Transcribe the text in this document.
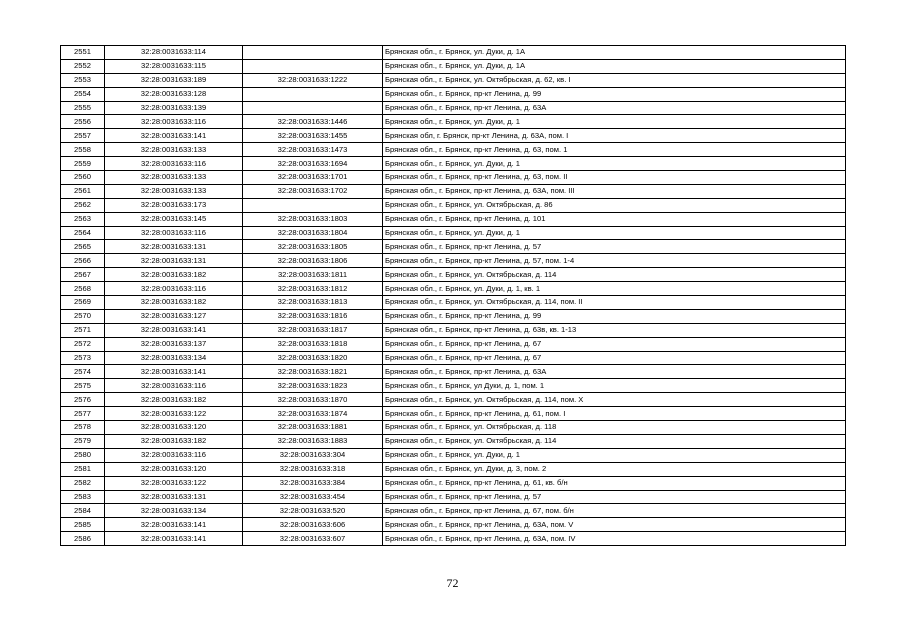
2551	32:28:0031633:114		Брянская обл., г. Брянск, ул. Дуки, д. 1А
2552	32:28:0031633:115		Брянская обл., г. Брянск, ул. Дуки, д. 1А
2553	32:28:0031633:189	32:28:0031633:1222	Брянская обл., г. Брянск, ул. Октябрьская, д. 62, кв. I
2554	32:28:0031633:128		Брянская обл., г. Брянск, пр-кт Ленина, д. 99
2555	32:28:0031633:139		Брянская обл., г. Брянск, пр-кт Ленина, д. 63А
2556	32:28:0031633:116	32:28:0031633:1446	Брянская обл., г. Брянск, ул. Дуки, д. 1
2557	32:28:0031633:141	32:28:0031633:1455	Брянская обл, г. Брянск, пр-кт Ленина, д. 63А, пом. I
2558	32:28:0031633:133	32:28:0031633:1473	Брянская обл., г. Брянск, пр-кт Ленина, д. 63, пом. 1
2559	32:28:0031633:116	32:28:0031633:1694	Брянская обл., г. Брянск, ул. Дуки, д. 1
2560	32:28:0031633:133	32:28:0031633:1701	Брянская обл., г. Брянск, пр-кт Ленина, д. 63, пом. II
2561	32:28:0031633:133	32:28:0031633:1702	Брянская обл., г. Брянск, пр-кт Ленина, д. 63А, пом. III
2562	32:28:0031633:173		Брянская обл., г. Брянск, ул. Октябрьская, д. 86
2563	32:28:0031633:145	32:28:0031633:1803	Брянская обл., г. Брянск, пр-кт Ленина, д. 101
2564	32:28:0031633:116	32:28:0031633:1804	Брянская обл., г. Брянск, ул. Дуки, д. 1
2565	32:28:0031633:131	32:28:0031633:1805	Брянская обл., г. Брянск, пр-кт Ленина, д. 57
2566	32:28:0031633:131	32:28:0031633:1806	Брянская обл., г. Брянск, пр-кт Ленина, д. 57, пом. 1-4
2567	32:28:0031633:182	32:28:0031633:1811	Брянская обл., г. Брянск, ул. Октябрьская, д. 114
2568	32:28:0031633:116	32:28:0031633:1812	Брянская обл., г. Брянск, ул. Дуки, д. 1, кв. 1
2569	32:28:0031633:182	32:28:0031633:1813	Брянская обл., г. Брянск, ул. Октябрьская, д. 114, пом. II
2570	32:28:0031633:127	32:28:0031633:1816	Брянская обл., г. Брянск, пр-кт Ленина, д. 99
2571	32:28:0031633:141	32:28:0031633:1817	Брянская обл., г. Брянск, пр-кт Ленина, д. 63в, кв. 1-13
2572	32:28:0031633:137	32:28:0031633:1818	Брянская обл., г. Брянск, пр-кт Ленина, д. 67
2573	32:28:0031633:134	32:28:0031633:1820	Брянская обл., г. Брянск, пр-кт Ленина, д. 67
2574	32:28:0031633:141	32:28:0031633:1821	Брянская обл., г. Брянск, пр-кт Ленина, д. 63А
2575	32:28:0031633:116	32:28:0031633:1823	Брянская обл., г. Брянск, ул Дуки, д. 1, пом. 1
2576	32:28:0031633:182	32:28:0031633:1870	Брянская обл., г. Брянск, ул. Октябрьская, д. 114, пом. X
2577	32:28:0031633:122	32:28:0031633:1874	Брянская обл., г. Брянск, пр-кт Ленина, д. 61, пом. I
2578	32:28:0031633:120	32:28:0031633:1881	Брянская обл., г. Брянск, ул. Октябрьская, д. 118
2579	32:28:0031633:182	32:28:0031633:1883	Брянская обл., г. Брянск, ул. Октябрьская, д. 114
2580	32:28:0031633:116	32:28:0031633:304	Брянская обл., г. Брянск, ул. Дуки, д. 1
2581	32:28:0031633:120	32:28:0031633:318	Брянская обл., г. Брянск, ул. Дуки, д. 3, пом. 2
2582	32:28:0031633:122	32:28:0031633:384	Брянская обл., г. Брянск, пр-кт Ленина, д. 61, кв. б/н
2583	32:28:0031633:131	32:28:0031633:454	Брянская обл., г. Брянск, пр-кт Ленина, д. 57
2584	32:28:0031633:134	32:28:0031633:520	Брянская обл., г. Брянск, пр-кт Ленина, д. 67, пом. б/н
2585	32:28:0031633:141	32:28:0031633:606	Брянская обл., г. Брянск, пр-кт Ленина, д. 63А, пом. V
2586	32:28:0031633:141	32:28:0031633:607	Брянская обл., г. Брянск, пр-кт Ленина, д. 63А, пом. IV
72
